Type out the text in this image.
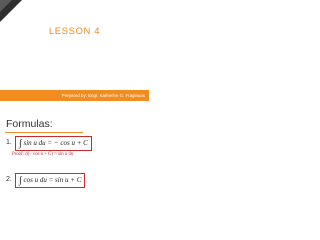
LESSON 4
INTEGRALS OF
TRIGONOMETRIC
FUNCTIONS
Prepared by: Engr. Katherine G. Fraginuas
Formulas:
1. ∫ sin u du = − cos u + C
Proof: d(− cos u + C) = sin u du
2. ∫ cos u du = sin u + C
